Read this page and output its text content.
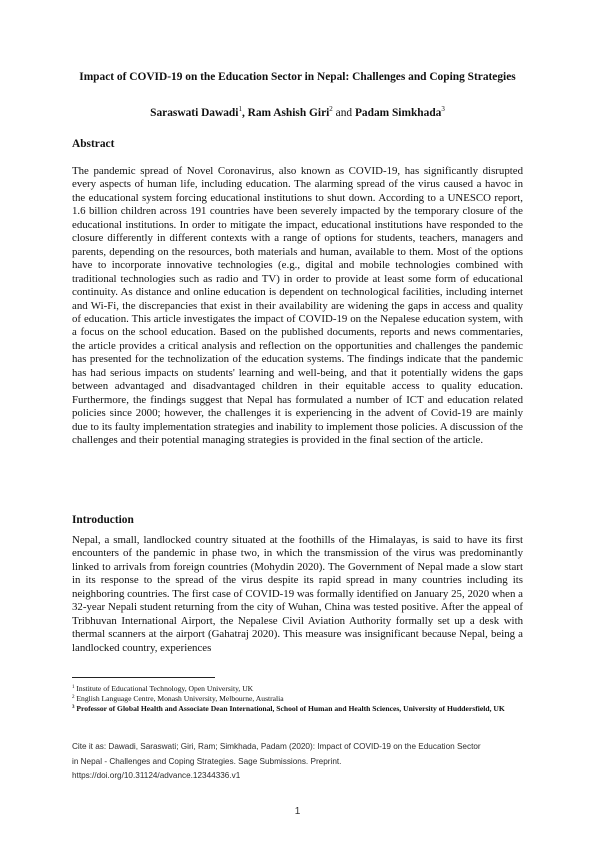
Impact of COVID-19 on the Education Sector in Nepal: Challenges and Coping Strategies
Saraswati Dawadi$^1$, Ram Ashish Giri$^2$ and Padam Simkhada$^3$
Abstract
The pandemic spread of Novel Coronavirus, also known as COVID-19, has significantly disrupted every aspects of human life, including education. The alarming spread of the virus caused a havoc in the educational system forcing educational institutions to shut down. According to a UNESCO report, 1.6 billion children across 191 countries have been severely impacted by the temporary closure of the educational institutions. In order to mitigate the impact, educational institutions have responded to the closure differently in different contexts with a range of options for students, teachers, managers and parents, depending on the resources, both materials and human, available to them. Most of the options have to incorporate innovative technologies (e.g., digital and mobile technologies combined with traditional technologies such as radio and TV) in order to provide at least some form of educational continuity. As distance and online education is dependent on technological facilities, including internet and Wi-Fi, the discrepancies that exist in their availability are widening the gaps in access and quality of education. This article investigates the impact of COVID-19 on the Nepalese education system, with a focus on the school education. Based on the published documents, reports and news commentaries, the article provides a critical analysis and reflection on the opportunities and challenges the pandemic has presented for the technolization of the education systems. The findings indicate that the pandemic has had serious impacts on students' learning and well-being, and that it potentially widens the gaps between advantaged and disadvantaged children in their equitable access to quality education. Furthermore, the findings suggest that Nepal has formulated a number of ICT and education related policies since 2000; however, the challenges it is experiencing in the advent of Covid-19 are mainly due to its faulty implementation strategies and inability to implement those policies. A discussion of the challenges and their potential managing strategies is provided in the final section of the article.
Introduction
Nepal, a small, landlocked country situated at the foothills of the Himalayas, is said to have its first encounters of the pandemic in phase two, in which the transmission of the virus was predominantly linked to arrivals from foreign countries (Mohydin 2020). The Government of Nepal made a slow start in its response to the spread of the virus despite its rapid spread in many countries including its neighboring countries. The first case of COVID-19 was formally identified on January 25, 2020 when a 32-year Nepali student returning from the city of Wuhan, China was tested positive. After the appeal of Tribhuvan International Airport, the Nepalese Civil Aviation Authority formally set up a desk with thermal scanners at the airport (Gahatraj 2020). This measure was insignificant because Nepal, being a landlocked country, experiences
$^1$ Institute of Educational Technology, Open University, UK
$^2$ English Language Centre, Monash University, Melbourne, Australia
$^3$ Professor of Global Health and Associate Dean International, School of Human and Health Sciences, University of Huddersfield, UK
Cite it as: Dawadi, Saraswati; Giri, Ram; Simkhada, Padam (2020): Impact of COVID-19 on the Education Sector
in Nepal - Challenges and Coping Strategies. Sage Submissions. Preprint.
https://doi.org/10.31124/advance.12344336.v1
1
